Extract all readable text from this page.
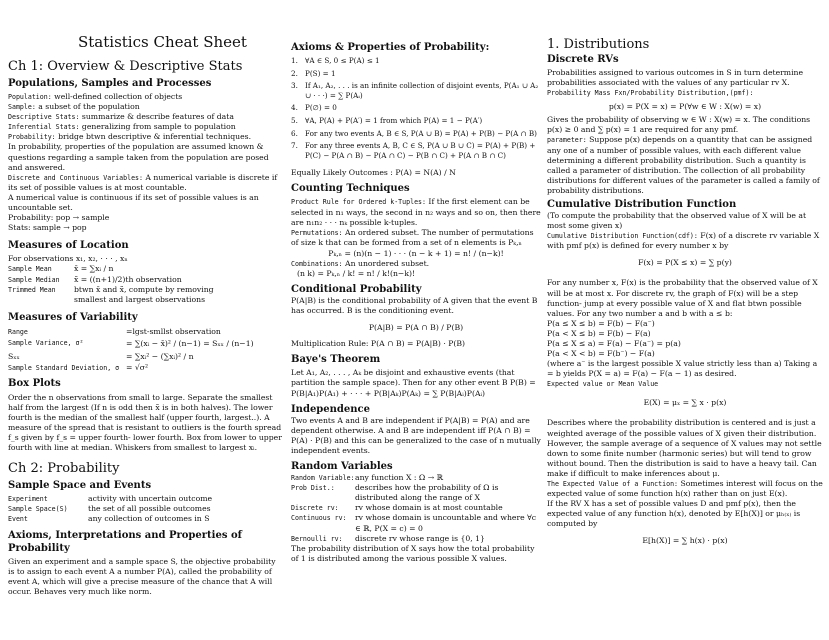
Statistics Cheat Sheet
Ch 1: Overview & Descriptive Stats
Populations, Samples and Processes
Population: well-defined collection of objects
Sample: a subset of the population
Descriptive Stats: summarize & describe features of data
Inferential Stats: generalizing from sample to population
Probability: bridge btwn descriptive & inferential techniques.

In probability, properties of the population are assumed known & questions regarding a sample taken from the population are posed and answered.

Discrete and Continuous Variables: A numerical variable is discrete if its set of possible values is at most countable.

A numerical value is continuous if its set of possible values is an uncountable set.

Probability: pop → sample

Stats: sample → pop

Measures of Location

For observations x₁, x₂, · · · , xₙ

Sample Mean	x̄ = ∑xᵢ / n
Sample Median	x̃ = ((n+1)/2)th observation
Trimmed Mean	btwn x̄ and x̃, compute by removing smallest and largest observations
Measures of Variability
Range	=lgst-smllst observation
Sample Variance, σ²	= ∑(xᵢ − x̄)² / (n−1) = Sₓₓ / (n−1)
Sₓₓ	= ∑xᵢ² − (∑xᵢ)² / n
Sample Standard Deviation, σ = √σ²
Box Plots

Order the n observations from small to large. Separate the smallest half from the largest (If n is odd then x̃ is in both halves). The lower fourth is the median of the smallest half (upper fourth, largest..). A measure of the spread that is resistant to outliers is the fourth spread f_s given by f_s = upper fourth- lower fourth. Box from lower to upper fourth with line at median. Whiskers from smallest to largest xᵢ.

Ch 2: Probability
Sample Space and Events
Experiment	activity with uncertain outcome
Sample Space(S)	the set of all possible outcomes
Event	any collection of outcomes in S
Axioms, Interpretations and Properties of Probability

Given an experiment and a sample space S, the objective probability is to assign to each event A a number P(A), called the probability of event A, which will give a precise measure of the chance that A will occur. Behaves very much like norm.

Axioms & Properties of Probability:
1. ∀A ∈ S, 0 ≤ P(A) ≤ 1
2. P(S) = 1
3. If A₁, A₂, . . . is an infinite collection of disjoint events, P(A₁ ∪ A₂ ∪ · · ·) = ∑ P(Aᵢ)
4. P(∅) = 0
5. ∀A, P(A) + P(A′) = 1 from which P(A) = 1 − P(A′)
6. For any two events A, B ∈ S, P(A ∪ B) = P(A) + P(B) − P(A ∩ B)
7. For any three events A, B, C ∈ S, P(A ∪ B ∪ C) = P(A) + P(B) + P(C) − P(A ∩ B) − P(A ∩ C) − P(B ∩ C) + P(A ∩ B ∩ C)

Equally Likely Outcomes : P(A) = N(A) / N

Counting Techniques

Product Rule for Ordered k-Tuples: If the first element can be selected in n₁ ways, the second in n₂ ways and so on, then there are n₁n₂ · · · nₖ possible k-tuples.

Permutations: An ordered subset. The number of permutations of size k that can be formed from a set of n elements is Pₖ,ₙ

Pₖ,ₙ = (n)(n − 1) · · · (n − k + 1) = n! / (n−k)!

Combinations: An unordered subset.

(n k) = Pₖ,ₙ / k! = n! / k!(n−k)!
Conditional Probability

P(A|B) is the conditional probability of A given that the event B has occurred. B is the conditioning event.

P(A|B) = P(A ∩ B) / P(B)

Multiplication Rule: P(A ∩ B) = P(A|B) · P(B)

Baye's Theorem

Let A₁, A₂, . . . , Aₖ be disjoint and exhaustive events (that partition the sample space). Then for any other event B P(B) = P(B|A₁)P(A₁) + · · · + P(B|Aₖ)P(Aₖ) = ∑ P(B|Aᵢ)P(Aᵢ)

Independence

Two events A and B are independent if P(A|B) = P(A) and are dependent otherwise. A and B are independent iff P(A ∩ B) = P(A) · P(B) and this can be generalized to the case of n mutually independent events.

Random Variables
Random Variable: any function X : Ω → ℝ
Prob Dist.:	describes how the probability of Ω is distributed along the range of X
Discrete rv:	rv whose domain is at most countable
Continuous rv:	rv whose domain is uncountable and where ∀c ∈ ℝ, P(X = c) = 0
Bernoulli rv:	discrete rv whose range is {0, 1}

The probability distribution of X says how the total probability of 1 is distributed among the various possible X values.

1. Distributions
Discrete RVs

Probabilities assigned to various outcomes in S in turn determine probabilities associated with the values of any particular rv X.

Probability Mass Fxn/Probability Distribution,(pmf):

p(x) = P(X = x) = P(∀w ∈ W : X(w) = x)

Gives the probability of observing w ∈ W : X(w) = x. The conditions p(x) ≥ 0 and ∑ p(x) = 1 are required for any pmf.

parameter: Suppose p(x) depends on a quantity that can be assigned any one of a number of possible values, with each different value determining a different probability distribution. Such a quantity is called a parameter of distribution. The collection of all probability distributions for different values of the parameter is called a family of probability distributions.

Cumulative Distribution Function

(To compute the probability that the observed value of X will be at most some given x)

Cumulative Distribution Function(cdf): F(x) of a discrete rv variable X with pmf p(x) is defined for every number x by

F(x) = P(X ≤ x) = ∑ p(y)

For any number x, F(x) is the probability that the observed value of X will be at most x. For discrete rv, the graph of F(x) will be a step function- jump at every possible value of X and flat btwn possible values. For any two number a and b with a ≤ b:

P(a ≤ X ≤ b) = F(b) − F(a⁻)
P(a < X ≤ b) = F(b) − F(a)
P(a ≤ X ≤ a) = F(a) − F(a⁻) = p(a)
P(a < X < b) = F(b⁻) − F(a)

(where a⁻ is the largest possible X value strictly less than a) Taking a = b yields P(X = a) = F(a) − F(a − 1) as desired.

Expected value or Mean Value

E(X) = μₓ = ∑ x · p(x)

Describes where the probability distribution is centered and is just a weighted average of the possible values of X given their distribution. However, the sample average of a sequence of X values may not settle down to some finite number (harmonic series) but will tend to grow without bound. Then the distribution is said to have a heavy tail. Can make if difficult to make inferences about μ.

The Expected Value of a Function: Sometimes interest will focus on the expected value of some function h(x) rather than on just E(x).

If the RV X has a set of possible values D and pmf p(x), then the expected value of any function h(x), denoted by E[h(X)] or μₕ₍ₓ₎ is computed by

E[h(X)] = ∑ h(x) · p(x)
